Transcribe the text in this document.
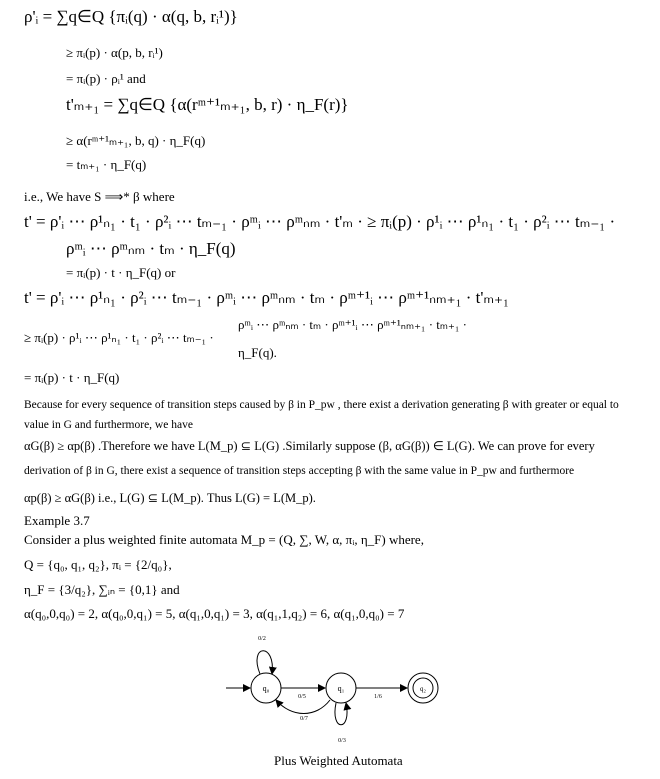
ρ'ᵢ = ∑q∈Q {πᵢ(q) · α(q, b, rᵢ¹)}
≥ πᵢ(p) · α(p, b, rᵢ¹)
= πᵢ(p) · ρᵢ¹ and
t'ₘ₊₁ = ∑q∈Q {α(rᵐ⁺¹ₘ₊₁, b, r) · η_F(r)}
≥ α(rᵐ⁺¹ₘ₊₁, b, q) · η_F(q)
= tₘ₊₁ · η_F(q)
i.e., We have S ⟹* β where
t' = ρ'ᵢ ⋯ ρ¹ₙ₁ · t₁ · ρ²ᵢ ⋯ tₘ₋₁ · ρᵐᵢ ⋯ ρᵐₙₘ · t'ₘ · ≥ πᵢ(p) · ρ¹ᵢ ⋯ ρ¹ₙ₁ · t₁ · ρ²ᵢ ⋯ tₘ₋₁ ·
ρᵐᵢ ⋯ ρᵐₙₘ · tₘ · η_F(q)
= πᵢ(p) · t · η_F(q) or
t' = ρ'ᵢ ⋯ ρ¹ₙ₁ · ρ²ᵢ ⋯ tₘ₋₁ · ρᵐᵢ ⋯ ρᵐₙₘ · tₘ · ρᵐ⁺¹ᵢ ⋯ ρᵐ⁺¹ₙₘ₊₁ · t'ₘ₊₁
≥ πᵢ(p) · ρ¹ᵢ ⋯ ρ¹ₙ₁ · t₁ · ρ²ᵢ ⋯ tₘ₋₁ ·
ρᵐᵢ ⋯ ρᵐₙₘ · tₘ · ρᵐ⁺¹ᵢ ⋯ ρᵐ⁺¹ₙₘ₊₁ · tₘ₊₁ ·
η_F(q).
= πᵢ(p) · t · η_F(q)
Because for every sequence of transition steps caused by β in P_pw , there exist a derivation generating β with greater or equal to
value in G and furthermore, we have
αG(β) ≥ αp(β) .Therefore we have L(M_p) ⊆ L(G) .Similarly suppose (β, αG(β)) ∈ L(G). We can prove for every
derivation of β in G, there exist a sequence of transition steps accepting β with the same value in P_pw and furthermore
αp(β) ≥ αG(β) i.e., L(G) ⊆ L(M_p). Thus L(G) = L(M_p).
Example 3.7
Consider a plus weighted finite automata M_p = (Q, ∑, W, α, πᵢ, η_F) where,
Q = {q₀, q₁, q₂}, πᵢ = {2/q₀},
η_F = {3/q₂}, ∑ᵢₙ = {0,1} and
α(q₀,0,q₀) = 2, α(q₀,0,q₁) = 5, α(q₁,0,q₁) = 3, α(q₁,1,q₂) = 6, α(q₁,0,q₀) = 7
q₀
0/2
q₁
0/5
0/7
0/3
q₂
1/6
Plus Weighted Automata
